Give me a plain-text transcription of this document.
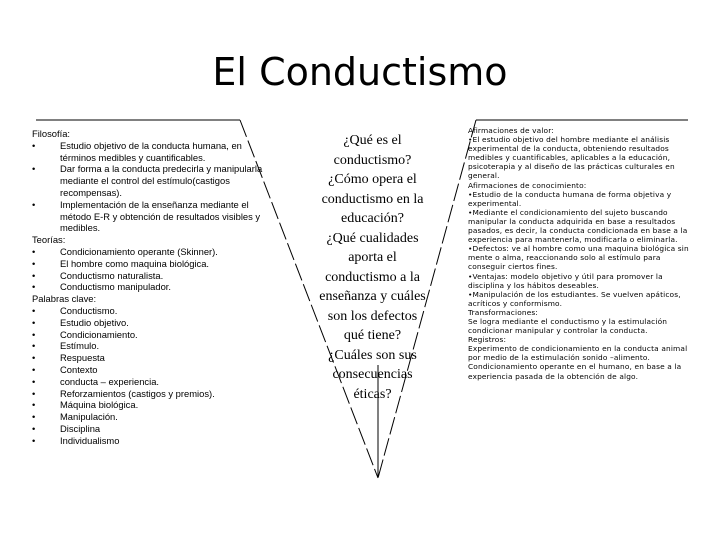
El Conductismo
Filosofía:
•	Estudio objetivo de la conducta humana, en términos medibles y cuantificables.
•	Dar forma a la conducta predecirla y manipularla mediante el control del estímulo(castigos recompensas).
•	Implementación de la enseñanza mediante el método E-R y obtención de resultados visibles y medibles.
Teorías:
•	Condicionamiento operante (Skinner).
•	El hombre como maquina biológica.
•	Conductismo naturalista.
•	Conductismo manipulador.
Palabras clave:
•	Conductismo.
•	Estudio objetivo.
•	Condicionamiento.
•	Estímulo.
•	Respuesta
•	Contexto
•	conducta – experiencia.
•	Reforzamientos (castigos y premios).
•	Máquina biológica.
•	Manipulación.
•	Disciplina
•	Individualismo
¿Qué es el
conductismo?
¿Cómo opera el
conductismo en la
educación?
¿Qué cualidades
aporta el
conductismo a la
enseñanza y cuáles
son los defectos
qué tiene?
¿Cuáles son sus
consecuencias
éticas?

Afirmaciones de valor:

•El estudio objetivo del hombre mediante el análisis experimental de la conducta, obteniendo resultados medibles y cuantificables, aplicables a la educación, psicoterapia y al diseño de las prácticas culturales en general.

Afirmaciones de conocimiento:

•Estudio de la conducta humana de forma objetiva y experimental.

•Mediante el condicionamiento del sujeto buscando manipular la conducta adquirida en base a resultados pasados, es decir, la conducta condicionada en base a la experiencia para mantenerla, modificarla o eliminarla.

•Defectos: ve al hombre como una maquina biológica sin mente o alma, reaccionando solo al estímulo para conseguir ciertos fines.

•Ventajas: modelo objetivo y útil para promover la disciplina y los hábitos deseables.

•Manipulación de los estudiantes. Se vuelven apáticos, acríticos y conformismo.

Transformaciones:

Se logra mediante el conductismo y la estimulación condicionar manipular y controlar la conducta.

Registros:

Experimento de condicionamiento en la conducta animal por medio de la estimulación sonido –alimento. Condicionamiento operante en el humano, en base a la experiencia pasada de la obtención de algo.
